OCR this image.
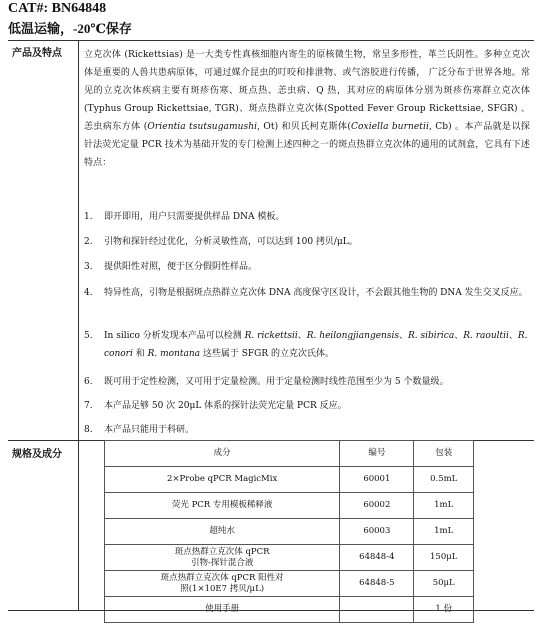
CAT#: BN64848
低温运输，-20℃保存
产品及特点 立克次体 (Rickettsias) 是一大类专性真核细胞内寄生的原核微生物，常呈多形性，革兰氏阴性。多种立克次体是重要的人兽共患病原体，可通过媒介昆虫的叮咬和排泄物、或气溶胶进行传播， 广泛分布于世界各地。常见的立克次体疾病主要有斑疹伤寒、斑点热、恙虫病、Q 热，其对应的病原体分别为斑疹伤寒群立克次体 (Typhus Group Rickettsiae, TGR)、斑点热群立克次体(Spotted Fever Group Rickettsiae, SFGR) 、恙虫病东方体 (Orientia tsutsugamushi, Ot) 和贝氏柯克斯体(Coxiella burnetii, Cb) 。本产品就是以探针法荧光定量 PCR 技术为基础开发的专门检测上述四种之一的斑点热群立克次体的通用的试剂盒，它具有下述特点：
1. 即开即用，用户只需要提供样品 DNA 模板。
2. 引物和探针经过优化，分析灵敏性高，可以达到 100 拷贝/μL。
3. 提供阳性对照，便于区分假阴性样品。
4. 特异性高，引物是根据斑点热群立克次体 DNA 高度保守区设计，不会跟其他生物的 DNA 发生交叉反应。
5. In silico 分析发现本产品可以检测 R. rickettsii、R. heilongjiangensis、R. sibirica、R. raoultii、R. conori 和 R. montana 这些属于 SFGR 的立克次氏体。
6. 既可用于定性检测，又可用于定量检测。用于定量检测时线性范围至少为 5 个数量级。
7. 本产品足够 50 次 20μL 体系的探针法荧光定量 PCR 反应。
8. 本产品只能用于科研。
规格及成分	成分	编号	包装
2×Probe qPCR MagicMix	60001	0.5mL
荧光 PCR 专用模板稀释液	60002	1mL
超纯水	60003	1mL
斑点热群立克次体 qPCR
引物-探针混合液	64848-4	150μL
斑点热群立克次体 qPCR 阳性对
照(1×10E7 拷贝/μL)	64848-5	50μL
使用手册		1 份
